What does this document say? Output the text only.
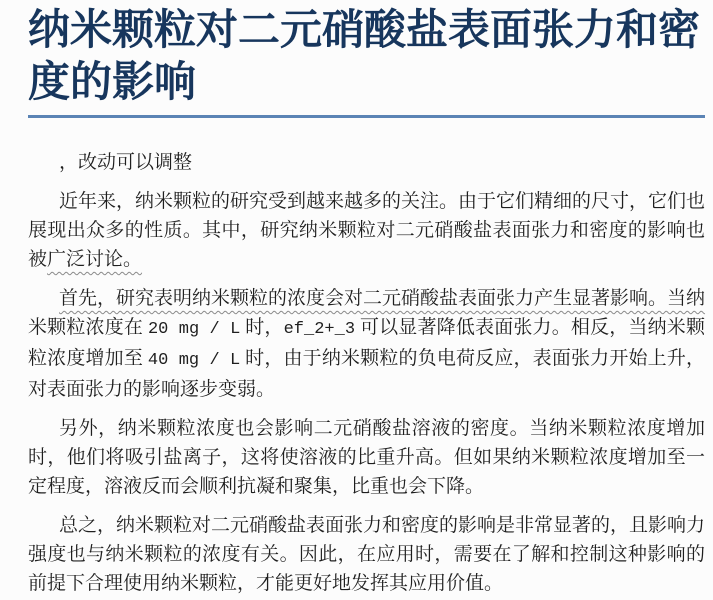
纳米颗粒对二元硝酸盐表面张力和密度的影响

，改动可以调整

近年来，纳米颗粒的研究受到越来越多的关注。由于它们精细的尺寸，它们也展现出众多的性质。其中，研究纳米颗粒对二元硝酸盐表面张力和密度的影响也被广泛讨论。

首先，研究表明纳米颗粒的浓度会对二元硝酸盐表面张力产生显著影响。当纳米颗粒浓度在 20 mg / L 时，ef_2+_3 可以显著降低表面张力。相反，当纳米颗粒浓度增加至 40 mg / L 时，由于纳米颗粒的负电荷反应，表面张力开始上升，对表面张力的影响逐步变弱。

另外，纳米颗粒浓度也会影响二元硝酸盐溶液的密度。当纳米颗粒浓度增加时，他们将吸引盐离子，这将使溶液的比重升高。但如果纳米颗粒浓度增加至一定程度，溶液反而会顺利抗凝和聚集，比重也会下降。

总之，纳米颗粒对二元硝酸盐表面张力和密度的影响是非常显著的，且影响力强度也与纳米颗粒的浓度有关。因此，在应用时，需要在了解和控制这种影响的前提下合理使用纳米颗粒，才能更好地发挥其应用价值。
